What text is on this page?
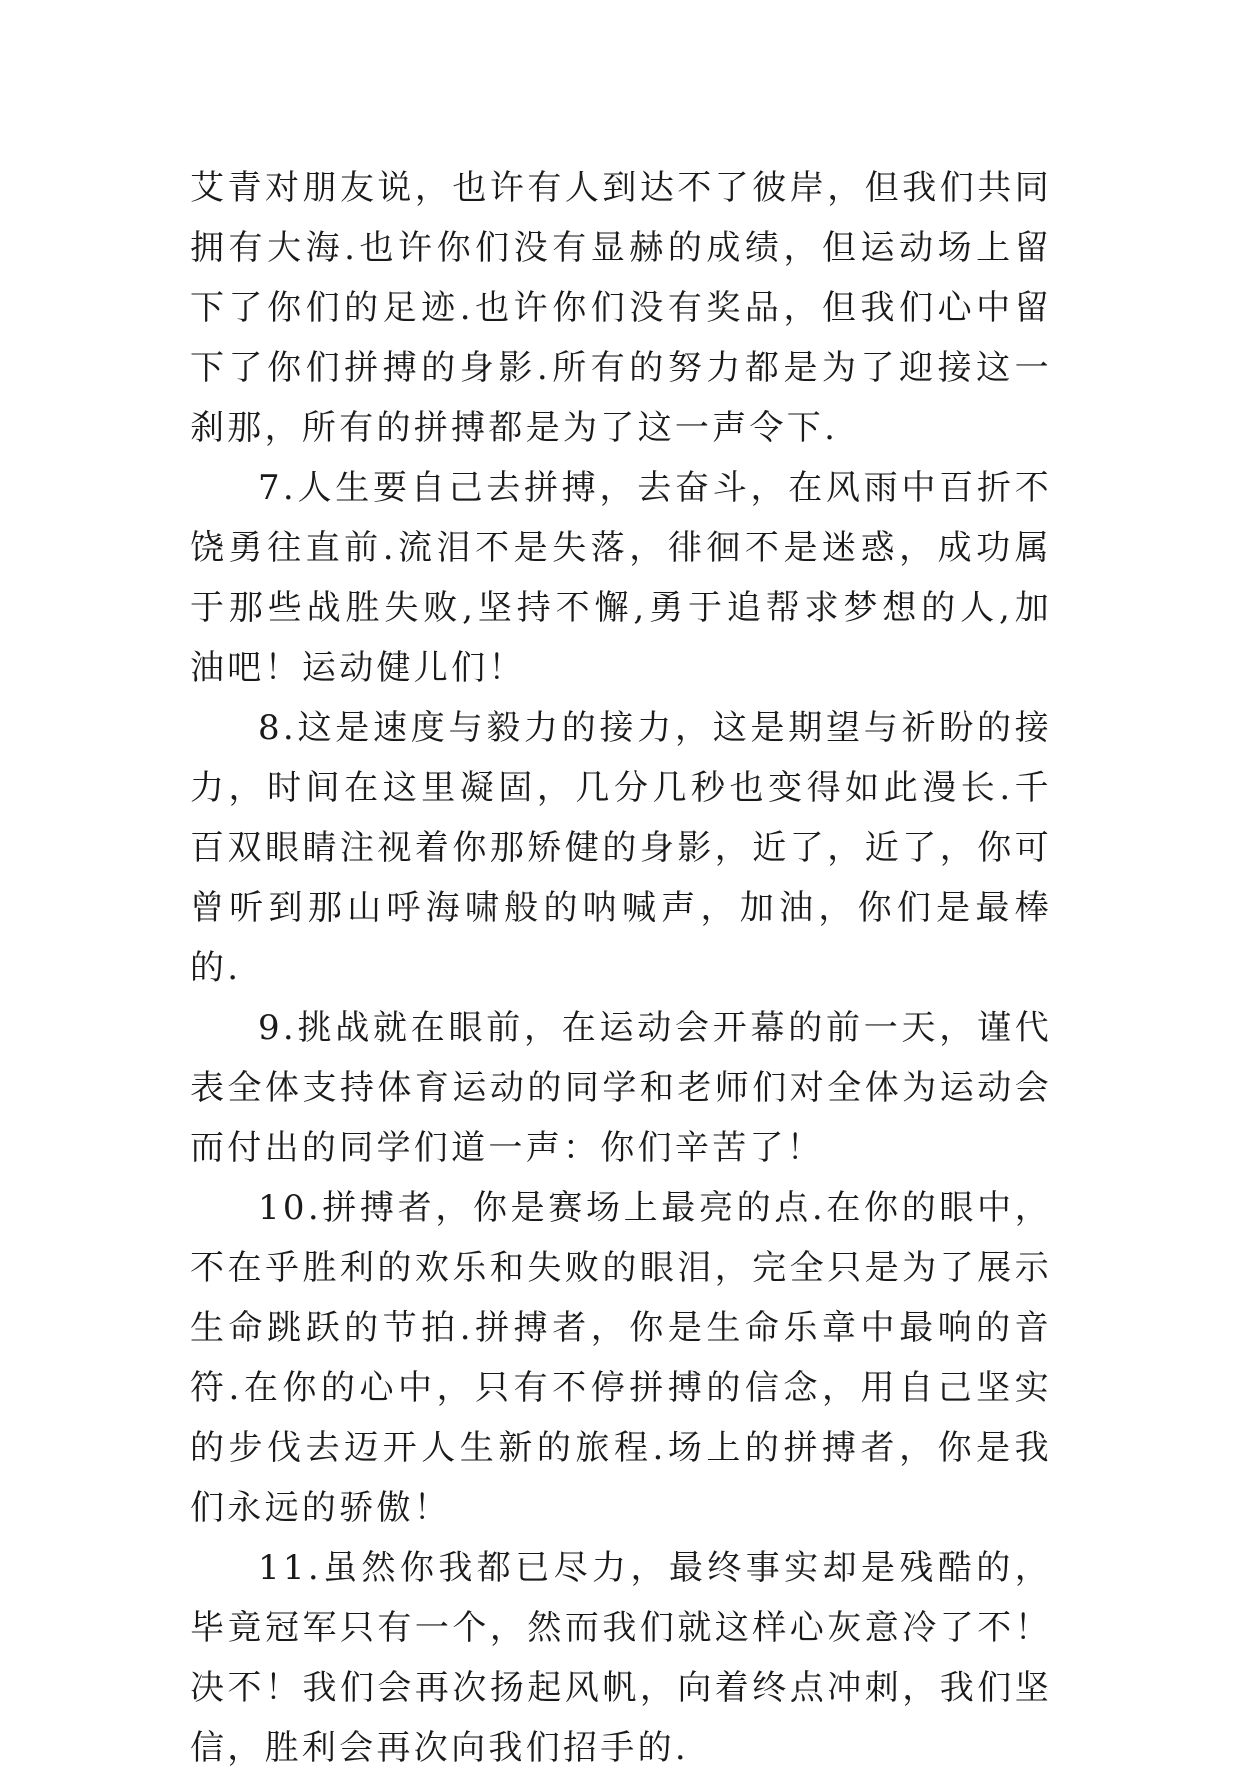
艾青对朋友说，也许有人到达不了彼岸，但我们共同拥有大海.也许你们没有显赫的成绩，但运动场上留下了你们的足迹.也许你们没有奖品，但我们心中留下了你们拼搏的身影.所有的努力都是为了迎接这一刹那，所有的拼搏都是为了这一声令下.

7.人生要自己去拼搏，去奋斗，在风雨中百折不饶勇往直前.流泪不是失落，徘徊不是迷惑，成功属于那些战胜失败,坚持不懈,勇于追帮求梦想的人,加油吧！运动健儿们！

8.这是速度与毅力的接力，这是期望与祈盼的接力，时间在这里凝固，几分几秒也变得如此漫长.千百双眼睛注视着你那矫健的身影，近了，近了，你可曾听到那山呼海啸般的呐喊声，加油，你们是最棒的.

9.挑战就在眼前，在运动会开幕的前一天，谨代表全体支持体育运动的同学和老师们对全体为运动会而付出的同学们道一声：你们辛苦了！

10.拼搏者，你是赛场上最亮的点.在你的眼中，不在乎胜利的欢乐和失败的眼泪，完全只是为了展示生命跳跃的节拍.拼搏者，你是生命乐章中最响的音符.在你的心中，只有不停拼搏的信念，用自己坚实的步伐去迈开人生新的旅程.场上的拼搏者，你是我们永远的骄傲！

11.虽然你我都已尽力，最终事实却是残酷的，毕竟冠军只有一个，然而我们就这样心灰意冷了不！决不！我们会再次扬起风帆，向着终点冲刺，我们坚信，胜利会再次向我们招手的.
